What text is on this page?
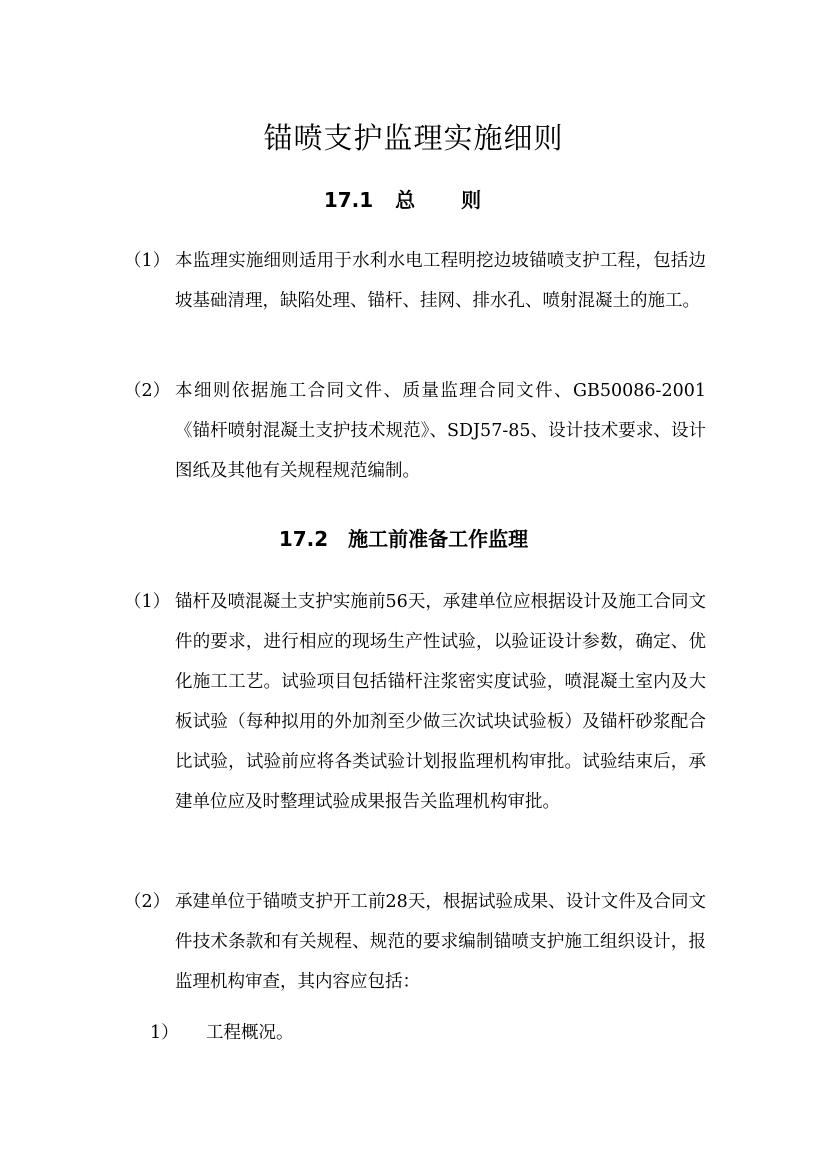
锚喷支护监理实施细则
17.1 总 则
（1） 本监理实施细则适用于水利水电工程明挖边坡锚喷支护工程，包括边坡基础清理，缺陷处理、锚杆、挂网、排水孔、喷射混凝土的施工。
（2） 本细则依据施工合同文件、质量监理合同文件、GB50086-2001《锚杆喷射混凝土支护技术规范》、SDJ57-85、设计技术要求、设计图纸及其他有关规程规范编制。
17.2 施工前准备工作监理
（1） 锚杆及喷混凝土支护实施前56天，承建单位应根据设计及施工合同文件的要求，进行相应的现场生产性试验，以验证设计参数，确定、优化施工工艺。试验项目包括锚杆注浆密实度试验，喷混凝土室内及大板试验（每种拟用的外加剂至少做三次试块试验板）及锚杆砂浆配合比试验，试验前应将各类试验计划报监理机构审批。试验结束后，承建单位应及时整理试验成果报告关监理机构审批。
（2） 承建单位于锚喷支护开工前28天，根据试验成果、设计文件及合同文件技术条款和有关规程、规范的要求编制锚喷支护施工组织设计，报监理机构审查，其内容应包括：
1） 工程概况。
